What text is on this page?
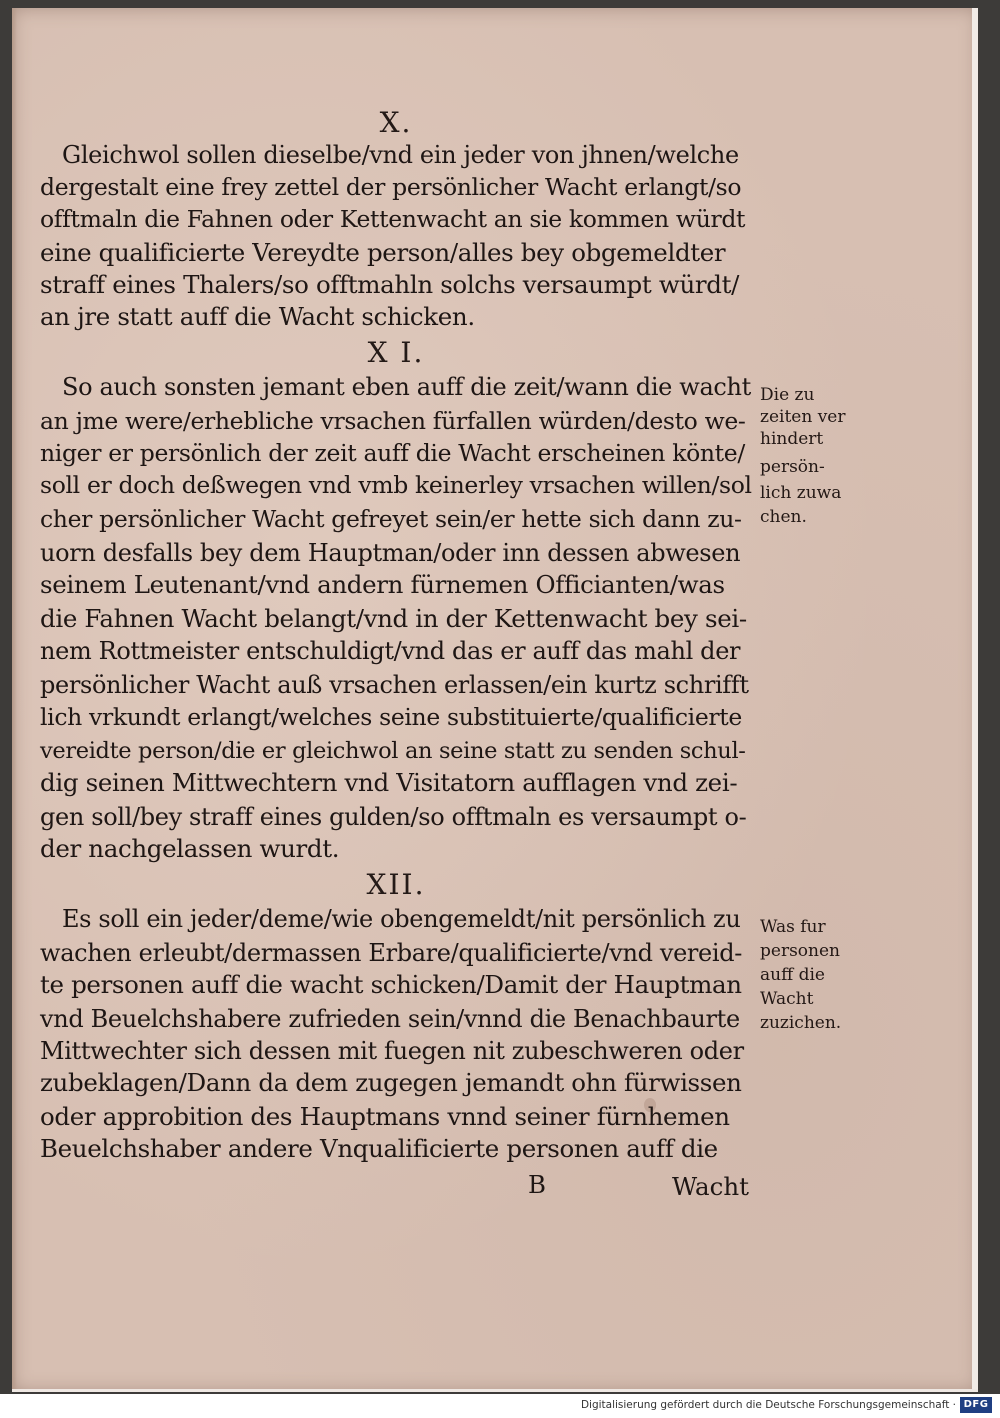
X.
Gleichwol sollen dieselbe/vnd ein jeder von jhnen/welche
dergestalt eine frey zettel der persönlicher Wacht erlangt/so
offtmaln die Fahnen oder Kettenwacht an sie kommen würdt
eine qualificierte Vereydte person/alles bey obgemeldter
straff eines Thalers/so offtmahln solchs versaumpt würdt/
an jre statt auff die Wacht schicken.
X I.
So auch sonsten jemant eben auff die zeit/wann die wacht
an jme were/erhebliche vrsachen fürfallen würden/desto we-
niger er persönlich der zeit auff die Wacht erscheinen könte/
soll er doch deßwegen vnd vmb keinerley vrsachen willen/sol
cher persönlicher Wacht gefreyet sein/er hette sich dann zu-
uorn desfalls bey dem Hauptman/oder inn dessen abwesen
seinem Leutenant/vnd andern fürnemen Officianten/was
die Fahnen Wacht belangt/vnd in der Kettenwacht bey sei-
nem Rottmeister entschuldigt/vnd das er auff das mahl der
persönlicher Wacht auß vrsachen erlassen/ein kurtz schrifft
lich vrkundt erlangt/welches seine substituierte/qualificierte
vereidte person/die er gleichwol an seine statt zu senden schul-
dig seinen Mittwechtern vnd Visitatorn aufflagen vnd zei-
gen soll/bey straff eines gulden/so offtmaln es versaumpt o-
der nachgelassen wurdt.
Die zu
zeiten ver
hindert
persön-
lich zuwa
chen.
XII.
Es soll ein jeder/deme/wie obengemeldt/nit persönlich zu
wachen erleubt/dermassen Erbare/qualificierte/vnd vereid-
te personen auff die wacht schicken/Damit der Hauptman
vnd Beuelchshabere zufrieden sein/vnnd die Benachbaurte
Mittwechter sich dessen mit fuegen nit zubeschweren oder
zubeklagen/Dann da dem zugegen jemandt ohn fürwissen
oder approbition des Hauptmans vnnd seiner fürnhemen
Beuelchshaber andere Vnqualificierte personen auff die
Was fur
personen
auff die
Wacht
zuzichen.
B	Wacht
Digitalisierung gefördert durch die Deutsche Forschungsgemeinschaft · DFG
